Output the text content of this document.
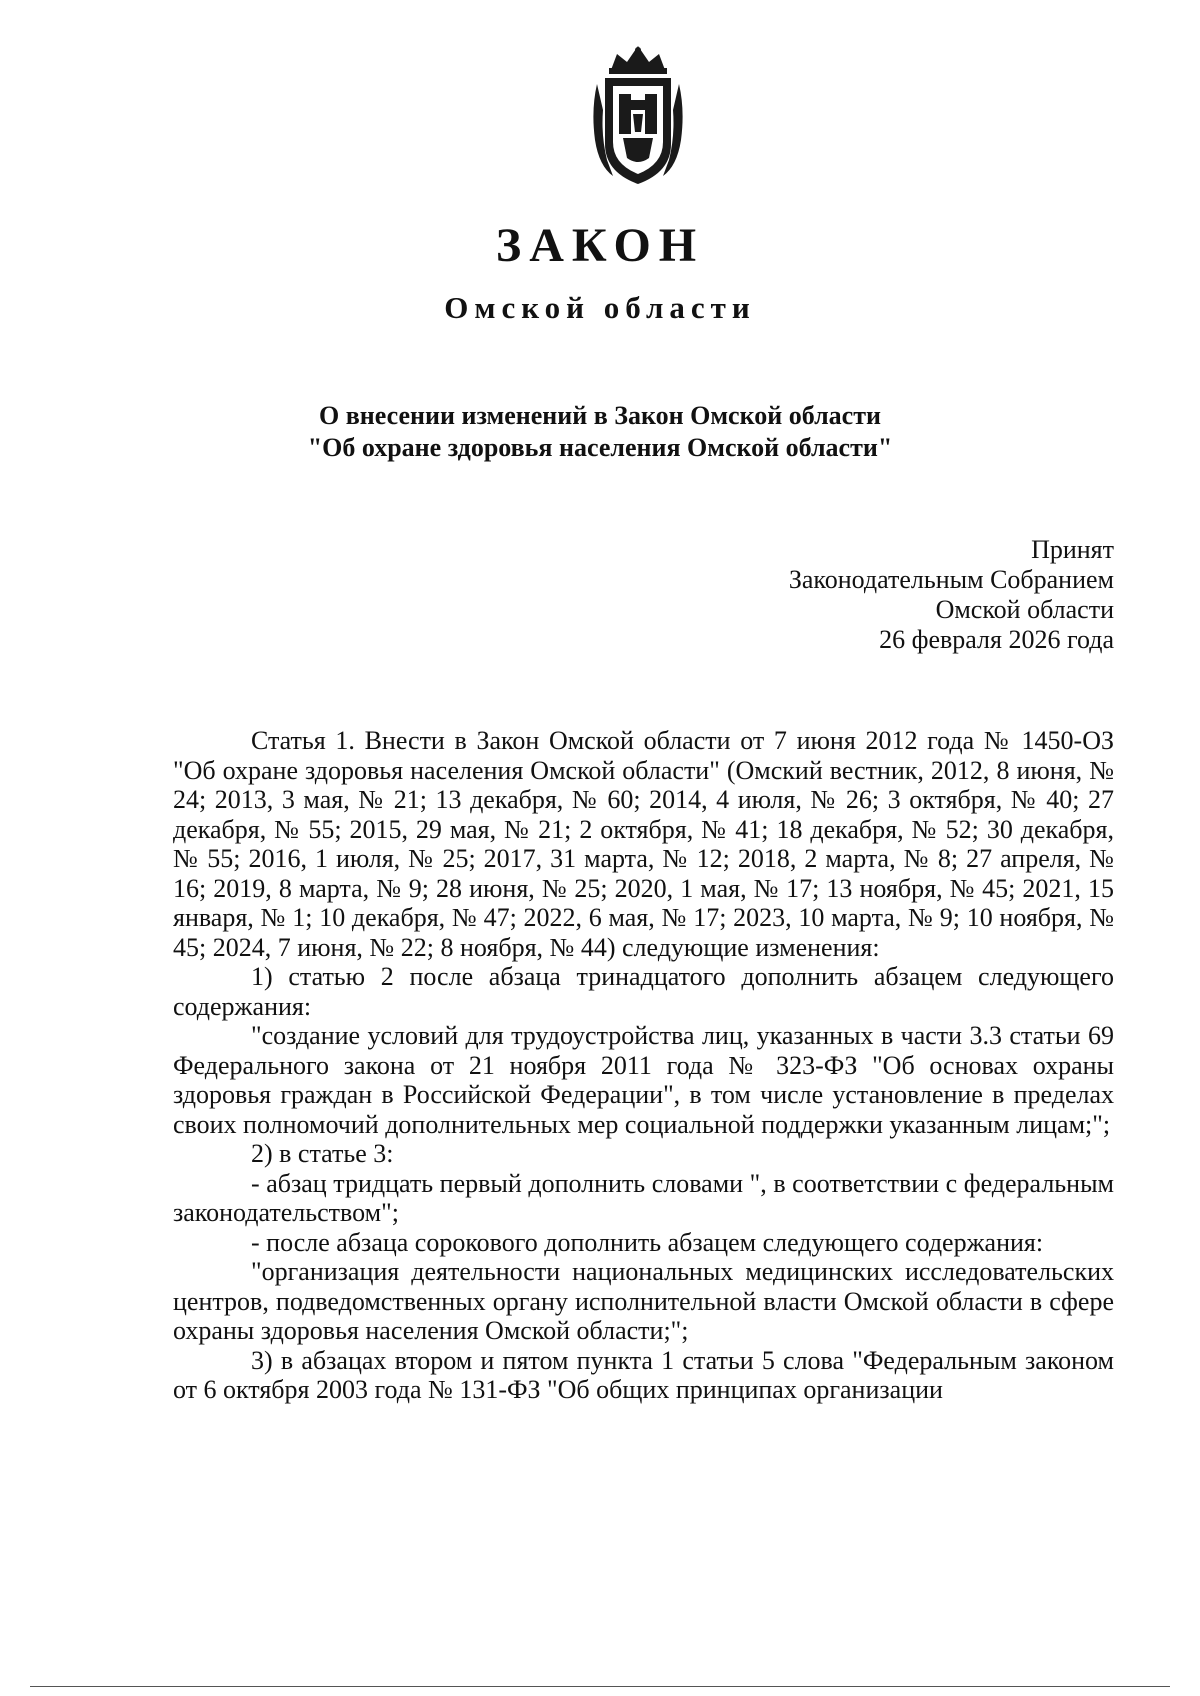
ЗАКОН
Омской области
О внесении изменений в Закон Омской области
"Об охране здоровья населения Омской области"
Принят
Законодательным Собранием
Омской области
26 февраля 2026 года

Статья 1. Внести в Закон Омской области от 7 июня 2012 года № 1450-ОЗ "Об охране здоровья населения Омской области" (Омский вестник, 2012, 8 июня, № 24; 2013, 3 мая, № 21; 13 декабря, № 60; 2014, 4 июля, № 26; 3 октября, № 40; 27 декабря, № 55; 2015, 29 мая, № 21; 2 октября, № 41; 18 декабря, № 52; 30 декабря, № 55; 2016, 1 июля, № 25; 2017, 31 марта, № 12; 2018, 2 марта, № 8; 27 апреля, № 16; 2019, 8 марта, № 9; 28 июня, № 25; 2020, 1 мая, № 17; 13 ноября, № 45; 2021, 15 января, № 1; 10 декабря, № 47; 2022, 6 мая, № 17; 2023, 10 марта, № 9; 10 ноября, № 45; 2024, 7 июня, № 22; 8 ноября, № 44) следующие изменения:

1) статью 2 после абзаца тринадцатого дополнить абзацем следующего содержания:

"создание условий для трудоустройства лиц, указанных в части 3.3 статьи 69 Федерального закона от 21 ноября 2011 года № 323-ФЗ "Об основах охраны здоровья граждан в Российской Федерации", в том числе установление в пределах своих полномочий дополнительных мер социальной поддержки указанным лицам;";

2) в статье 3:

- абзац тридцать первый дополнить словами ", в соответствии с федеральным законодательством";

- после абзаца сорокового дополнить абзацем следующего содержания:

"организация деятельности национальных медицинских исследовательских центров, подведомственных органу исполнительной власти Омской области в сфере охраны здоровья населения Омской области;";

3) в абзацах втором и пятом пункта 1 статьи 5 слова "Федеральным законом от 6 октября 2003 года № 131-ФЗ "Об общих принципах организации
